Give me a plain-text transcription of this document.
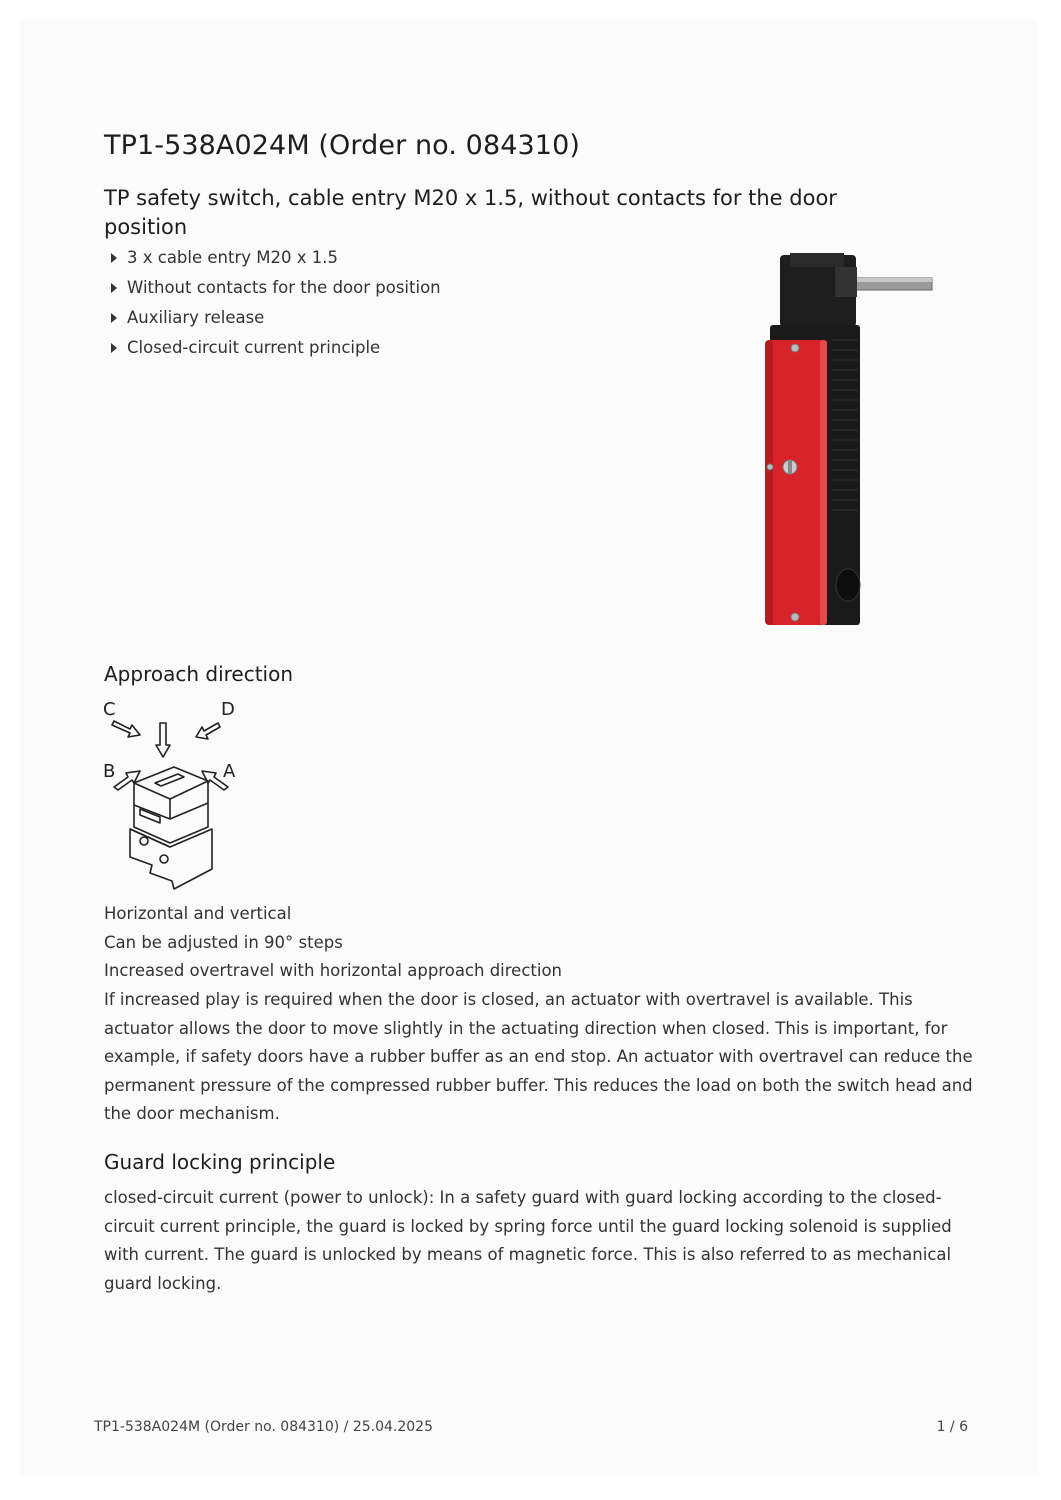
TP1-538A024M (Order no. 084310)
TP safety switch, cable entry M20 x 1.5, without contacts for the door position
3 x cable entry M20 x 1.5
Without contacts for the door position
Auxiliary release
Closed-circuit current principle
Approach direction
C	D
B	A
Horizontal and vertical
Can be adjusted in 90° steps
Increased overtravel with horizontal approach direction
If increased play is required when the door is closed, an actuator with overtravel is available. This actuator allows the door to move slightly in the actuating direction when closed. This is important, for example, if safety doors have a rubber buffer as an end stop. An actuator with overtravel can reduce the permanent pressure of the compressed rubber buffer. This reduces the load on both the switch head and the door mechanism.
Guard locking principle
closed-circuit current (power to unlock): In a safety guard with guard locking according to the closed-circuit current principle, the guard is locked by spring force until the guard locking solenoid is supplied with current. The guard is unlocked by means of magnetic force. This is also referred to as mechanical guard locking.
TP1-538A024M (Order no. 084310) / 25.04.2025	1 / 6
